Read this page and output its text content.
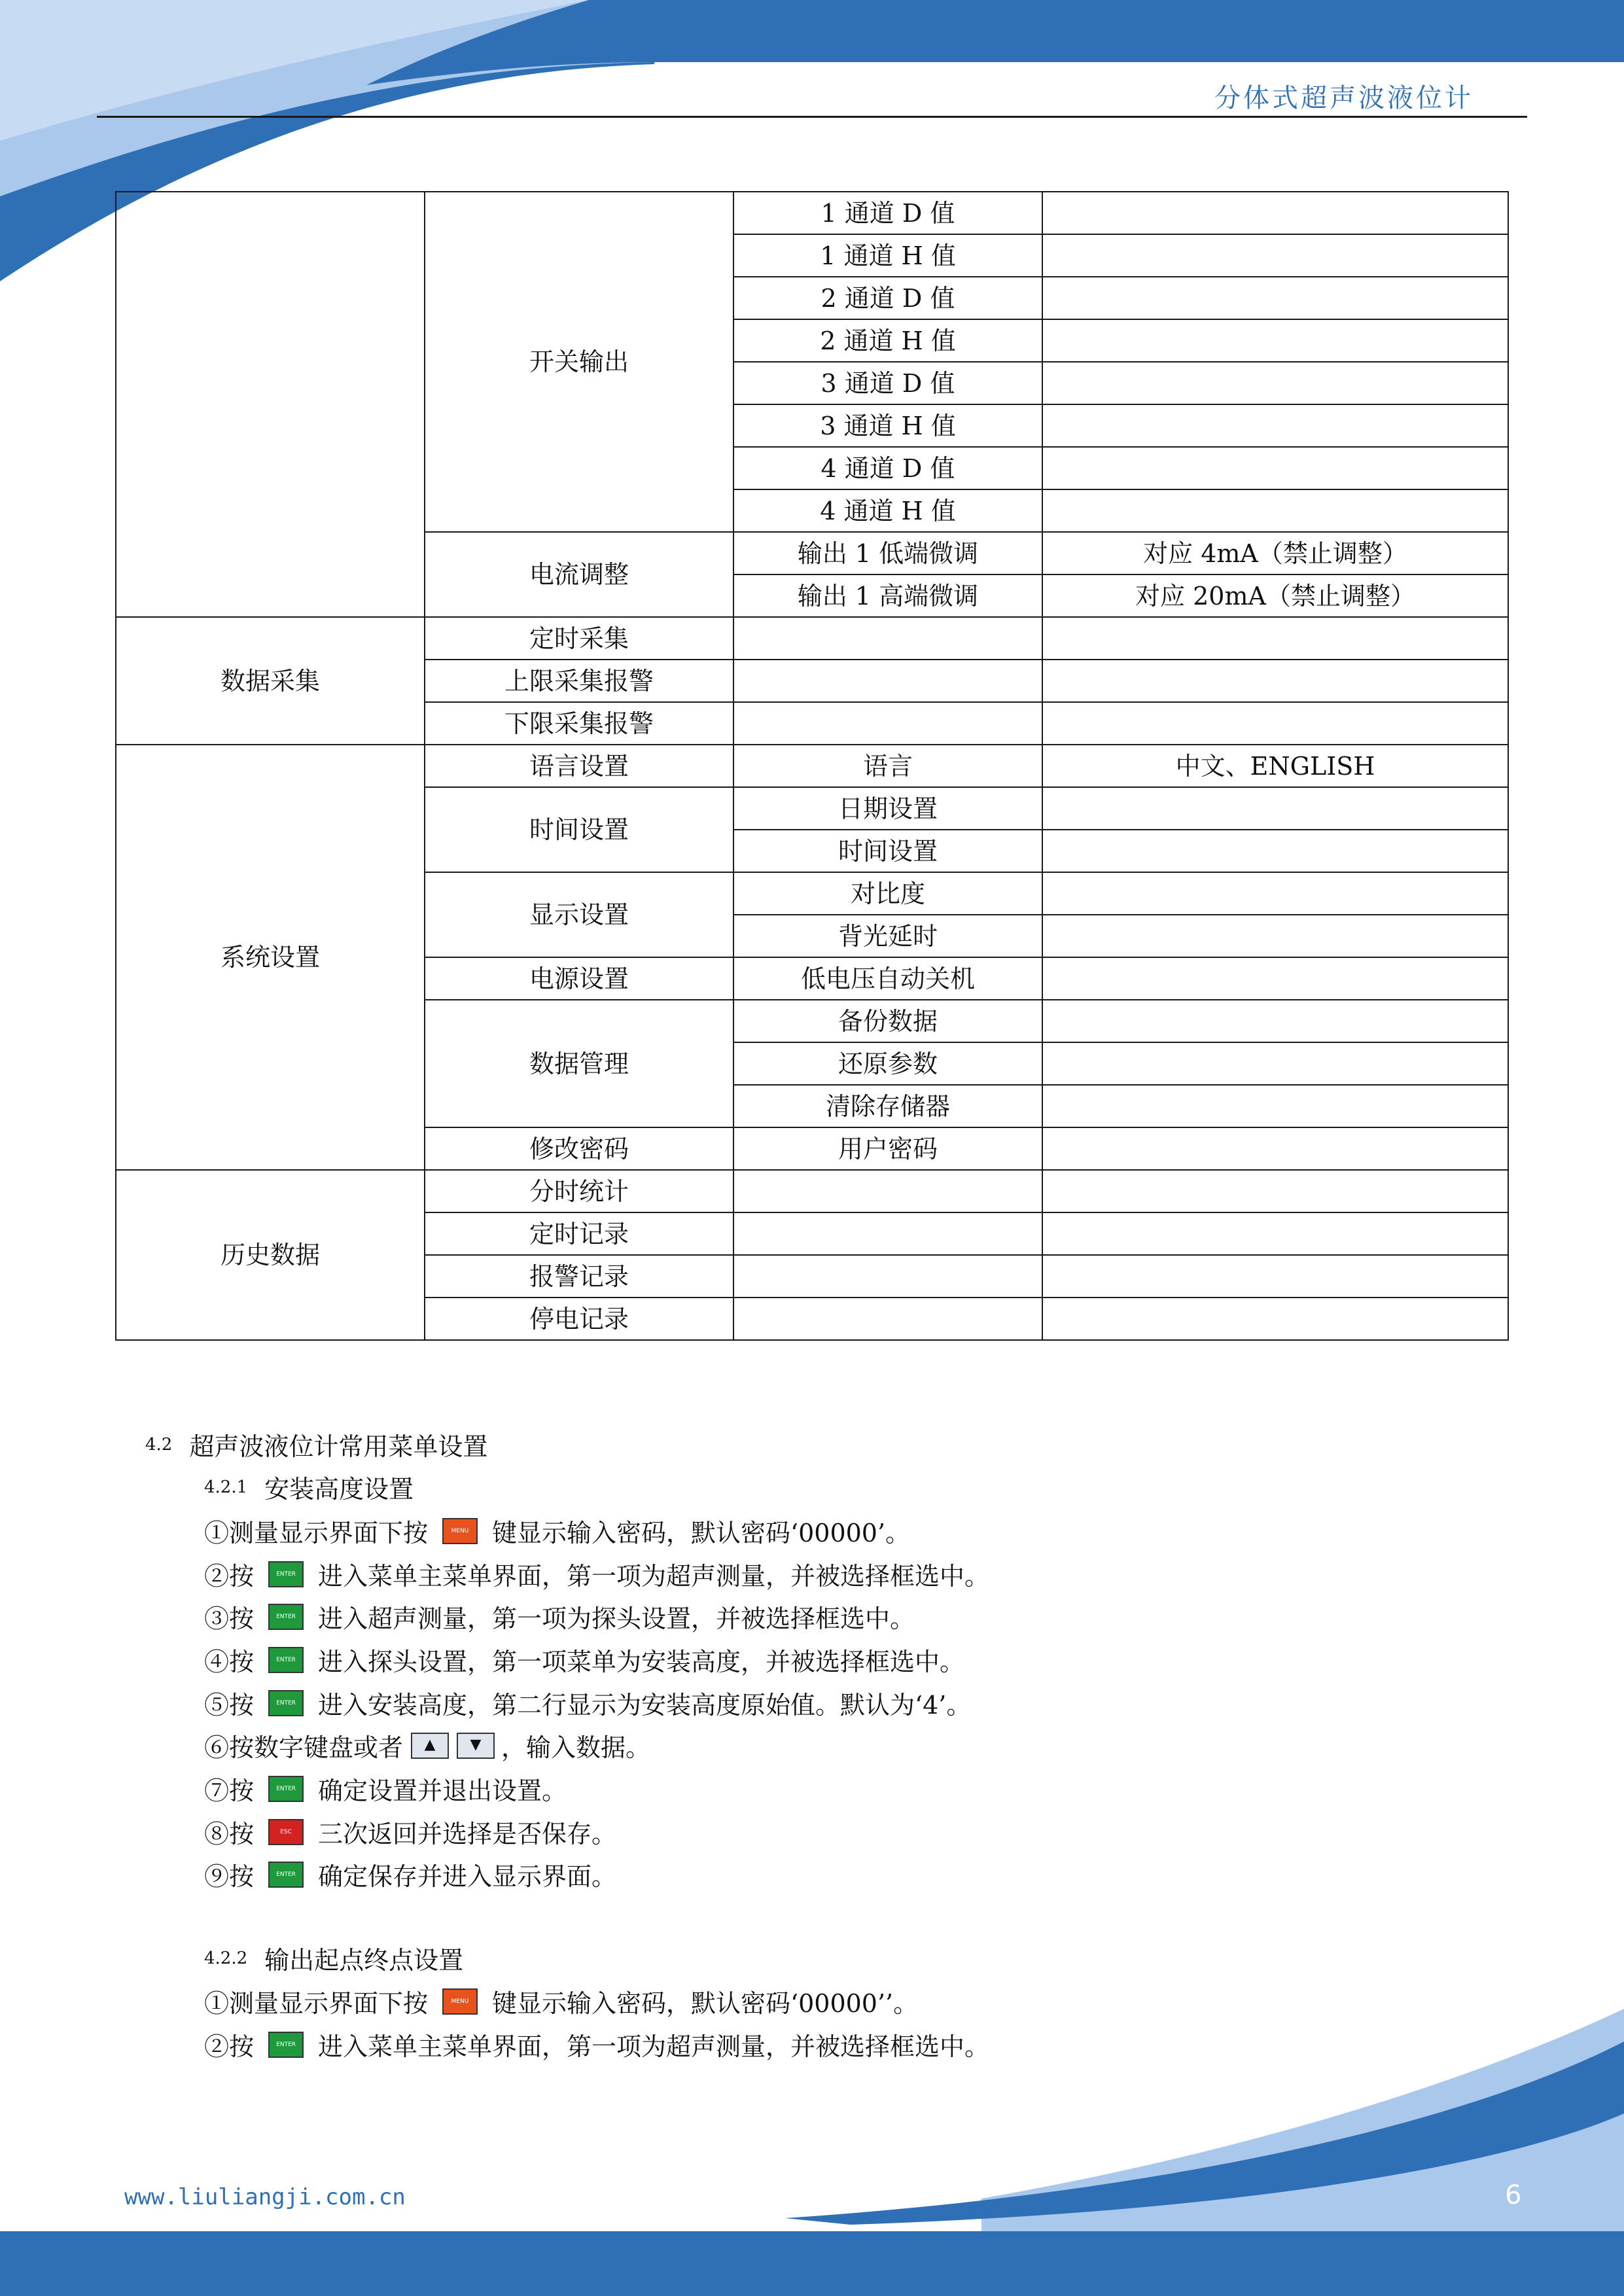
分体式超声波液位计
	开关输出	1 通道 D 值	
		1 通道 H 值	
		2 通道 D 值	
		2 通道 H 值	
		3 通道 D 值	
		3 通道 H 值	
		4 通道 D 值	
		4 通道 H 值	
	电流调整	输出 1 低端微调	对应 4mA（禁止调整）
		输出 1 高端微调	对应 20mA（禁止调整）
数据采集	定时采集		
	上限采集报警		
	下限采集报警		
系统设置	语言设置	语言	中文、ENGLISH
	时间设置	日期设置	
		时间设置	
	显示设置	对比度	
		背光延时	
	电源设置	低电压自动关机	
	数据管理	备份数据	
		还原参数	
		清除存储器	
	修改密码	用户密码	
历史数据	分时统计		
	定时记录		
	报警记录		
	停电记录		
4.2 超声波液位计常用菜单设置
4.2.1 安装高度设置
①测量显示界面下按	MENU 键显示输入密码，默认密码‘00000’。
②按	ENTER 进入菜单主菜单界面，第一项为超声测量，并被选择框选中。
③按	ENTER 进入超声测量，第一项为探头设置，并被选择框选中。
④按	ENTER 进入探头设置，第一项菜单为安装高度，并被选择框选中。
⑤按	ENTER 进入安装高度，第二行显示为安装高度原始值。默认为‘4’。
⑥按数字键盘或者	▲	▼ ，输入数据。
⑦按	ENTER 确定设置并退出设置。
⑧按	ESC	三次返回并选择是否保存。
⑨按	ENTER 确定保存并进入显示界面。
4.2.2 输出起点终点设置
①测量显示界面下按	MENU 键显示输入密码，默认密码‘00000’’。
②按	ENTER 进入菜单主菜单界面，第一项为超声测量，并被选择框选中。
www.liuliangji.com.cn	6
